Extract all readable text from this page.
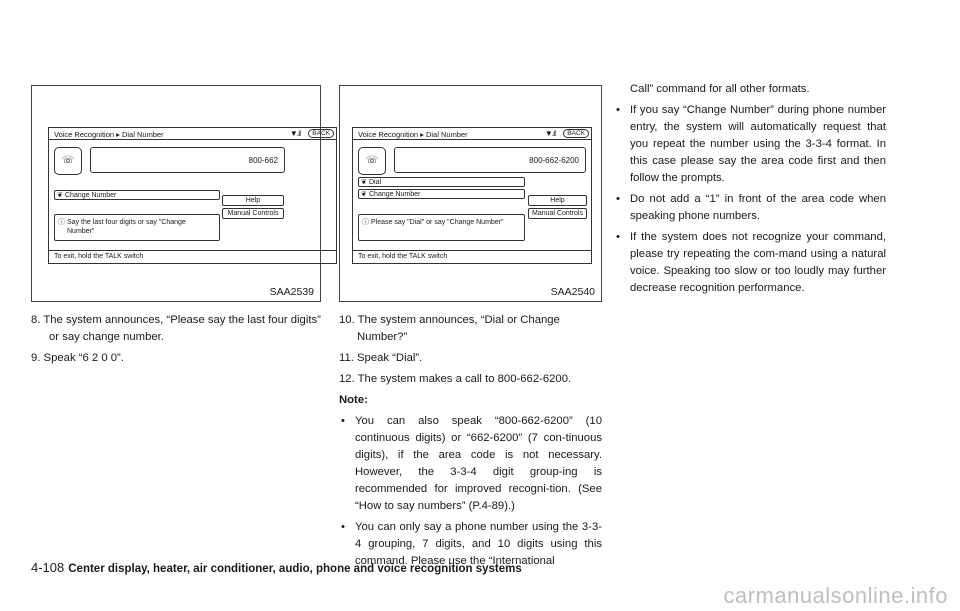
Voice Recognition ▸ Dial Number	▼.ıl	BACK
☏	800-662
❦ Change Number
Help
Manual Controls
ⓘ Say the last four digits or say "Change Number"
To exit, hold the TALK switch
SAA2539
Voice Recognition ▸ Dial Number	▼.ıl	BACK
☏	800-662-6200
❦ Dial
❦ Change Number
Help
Manual Controls
ⓘ Please say "Dial" or say "Change Number"
To exit, hold the TALK switch
SAA2540

8. The system announces, “Please say the last four digits” or say change number.

9. Speak “6 2 0 0”.

10. The system announces, “Dial or Change Number?”

11. Speak “Dial”.

12. The system makes a call to 800-662-6200.

Note:

• You can also speak “800-662-6200” (10 continuous digits) or “662-6200” (7 con-tinuous digits), if the area code is not necessary. However, the 3-3-4 digit group-ing is recommended for improved recogni-tion. (See “How to say numbers” (P.4-89).)

• You can only say a phone number using the 3-3-4 grouping, 7 digits, and 10 digits using this command. Please use the “International

Call” command for all other formats.

• If you say “Change Number” during phone number entry, the system will automatically request that you repeat the number using the 3-3-4 format. In this case please say the area code first and then follow the prompts.

• Do not add a “1” in front of the area code when speaking phone numbers.

• If the system does not recognize your command, please try repeating the com-mand using a natural voice. Speaking too slow or too loudly may further decrease recognition performance.

4-108 Center display, heater, air conditioner, audio, phone and voice recognition systems
carmanualsonline.info
